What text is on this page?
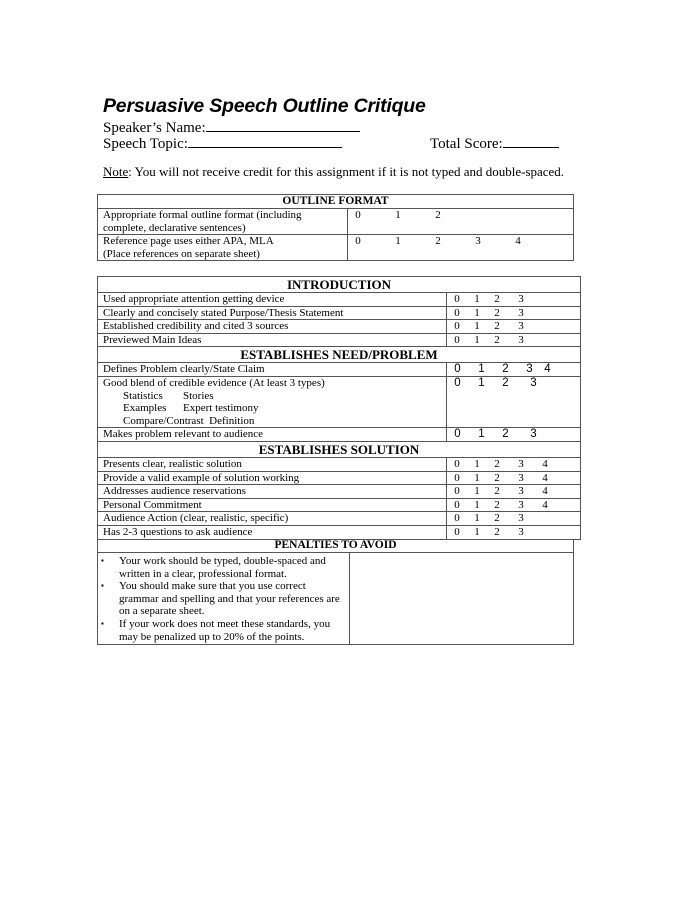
Persuasive Speech Outline Critique
Speaker’s Name:
Speech Topic:	Total Score:
Note: You will not receive credit for this assignment if it is not typed and double-spaced.
OUTLINE FORMAT	

Appropriate formal outline format (including
complete, declarative sentences)	0 1 2

Reference page uses either APA, MLA
(Place references on separate sheet)	0 1 2 3 4
INTRODUCTION	
Used appropriate attention getting device	0 1 2 3
Clearly and concisely stated Purpose/Thesis Statement	0 1 2 3
Established credibility and cited 3 sources	0 1 2 3
Previewed Main Ideas	0 1 2 3
ESTABLISHES NEED/PROBLEM	
Defines Problem clearly/State Claim	0 1 2 3 4

Good blend of credible evidence (At least 3 types)
Statistics Stories
Examples Expert testimony
Compare/Contrast Definition	0 1 2 3
Makes problem relevant to audience	0 1 2 3
ESTABLISHES SOLUTION	
Presents clear, realistic solution	0 1 2 3 4
Provide a valid example of solution working	0 1 2 3 4
Addresses audience reservations	0 1 2 3 4
Personal Commitment	0 1 2 3 4
Audience Action (clear, realistic, specific)	0 1 2 3
Has 2-3 questions to ask audience	0 1 2 3
PENALTIES TO AVOID

▪ Your work should be typed, double-spaced and written in a clear, professional format.
▪ You should make sure that you use correct grammar and spelling and that your references are on a separate sheet.
▪ If your work does not meet these standards, you may be penalized up to 20% of the points.
